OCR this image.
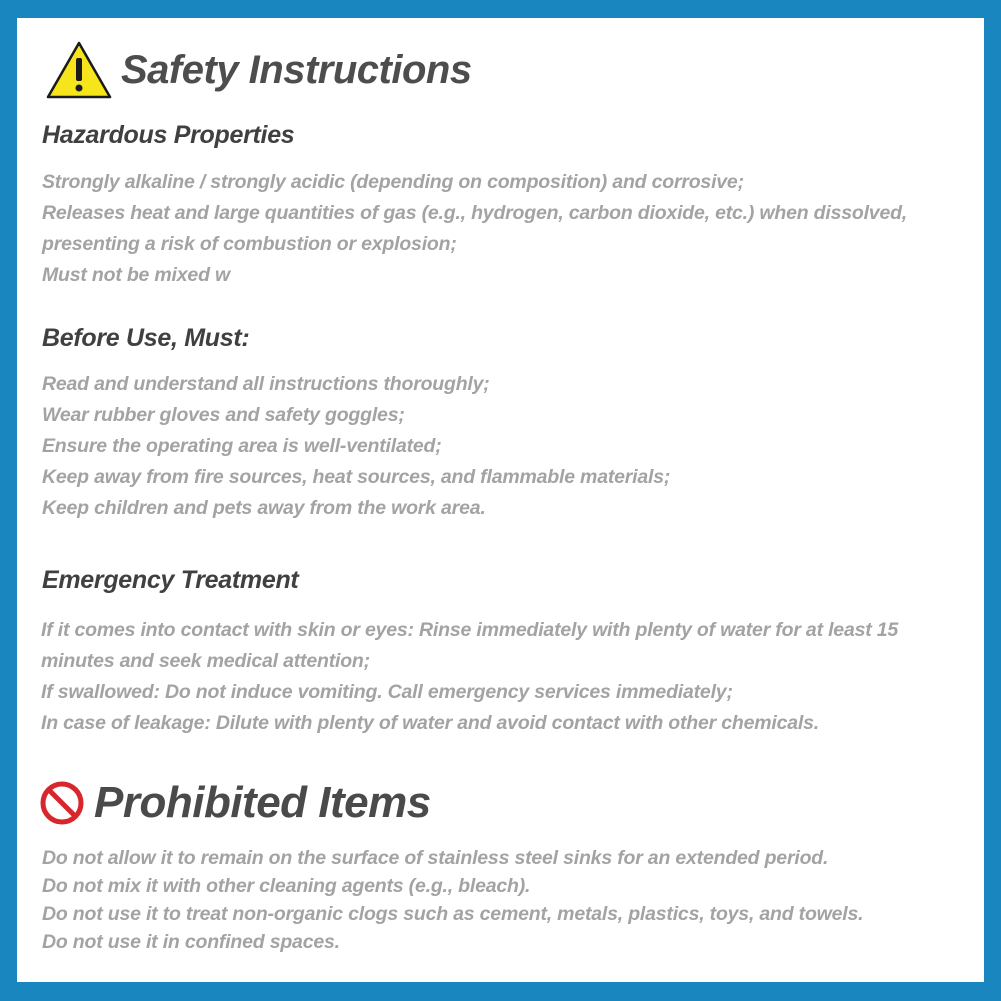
Safety Instructions
Hazardous Properties
Strongly alkaline / strongly acidic (depending on composition) and corrosive;
Releases heat and large quantities of gas (e.g., hydrogen, carbon dioxide, etc.) when dissolved,
presenting a risk of combustion or explosion;
Must not be mixed w
Before Use, Must:
Read and understand all instructions thoroughly;
Wear rubber gloves and safety goggles;
Ensure the operating area is well-ventilated;
Keep away from fire sources, heat sources, and flammable materials;
Keep children and pets away from the work area.
Emergency Treatment
If it comes into contact with skin or eyes: Rinse immediately with plenty of water for at least 15
minutes and seek medical attention;
If swallowed: Do not induce vomiting. Call emergency services immediately;
In case of leakage: Dilute with plenty of water and avoid contact with other chemicals.
Prohibited Items
Do not allow it to remain on the surface of stainless steel sinks for an extended period.
Do not mix it with other cleaning agents (e.g., bleach).
Do not use it to treat non-organic clogs such as cement, metals, plastics, toys, and towels.
Do not use it in confined spaces.
